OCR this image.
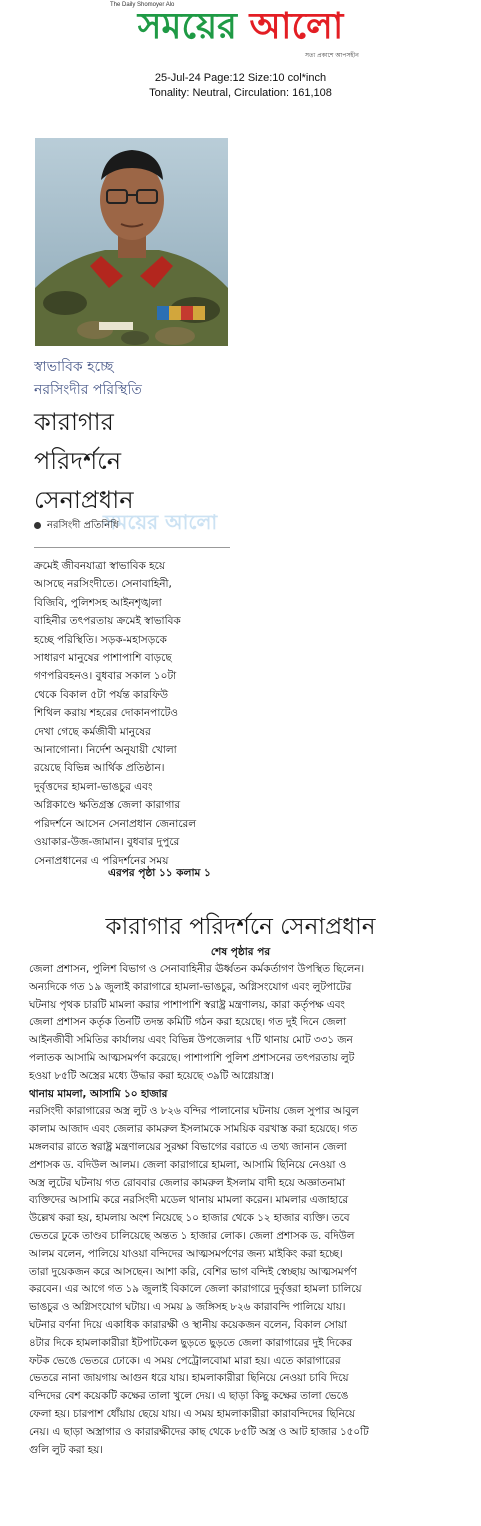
The Daily Shomoyer Alo
সময়ের আলো
সত্য প্রকাশে আপসহীন
25-Jul-24 Page:12 Size:10 col*inch
Tonality: Neutral, Circulation: 161,108
স্বাভাবিক হচ্ছে
নরসিংদীর পরিস্থিতি
কারাগার
পরিদর্শনে
সেনাপ্রধান
সময়ের আলো
নরসিংদী প্রতিনিধি
ক্রমেই জীবনযাত্রা স্বাভাবিক হয়ে
আসছে নরসিংদীতে। সেনাবাহিনী,
বিজিবি, পুলিশসহ আইনশৃঙ্খলা
বাহিনীর তৎপরতায় ক্রমেই স্বাভাবিক
হচ্ছে পরিস্থিতি। সড়ক-মহাসড়কে
সাধারণ মানুষের পাশাপাশি বাড়ছে
গণপরিবহনও। বুধবার সকাল ১০টা
থেকে বিকাল ৫টা পর্যন্ত কারফিউ
শিথিল করায় শহরের দোকানপাটেও
দেখা গেছে কর্মজীবী মানুষের
আনাগোনা। নির্দেশ অনুযায়ী খোলা
রয়েছে বিভিন্ন আর্থিক প্রতিষ্ঠান।
দুর্বৃত্তদের হামলা-ভাঙচুর এবং
অগ্নিকাণ্ডে ক্ষতিগ্রস্ত জেলা কারাগার
পরিদর্শনে আসেন সেনাপ্রধান জেনারেল
ওয়াকার-উজ-জামান। বুধবার দুপুরে
সেনাপ্রধানের এ পরিদর্শনের সময়
এরপর পৃষ্ঠা ১১ কলাম ১
কারাগার পরিদর্শনে সেনাপ্রধান
শেষ পৃষ্ঠার পর
জেলা প্রশাসন, পুলিশ বিভাগ ও সেনাবাহিনীর ঊর্ধ্বতন কর্মকর্তাগণ উপস্থিত ছিলেন।
অন্যদিকে গত ১৯ জুলাই কারাগারে হামলা-ভাঙচুর, অগ্নিসংযোগ এবং লুটপাটের
ঘটনায় পৃথক চারটি মামলা করার পাশাপাশি স্বরাষ্ট্র মন্ত্রণালয়, কারা কর্তৃপক্ষ এবং
জেলা প্রশাসন কর্তৃক তিনটি তদন্ত কমিটি গঠন করা হয়েছে। গত দুই দিনে জেলা
আইনজীবী সমিতির কার্যালয় এবং বিভিন্ন উপজেলার ৭টি থানায় মোট ৩৩১ জন
পলাতক আসামি আত্মসমর্পণ করেছে। পাশাপাশি পুলিশ প্রশাসনের তৎপরতায় লুট
হওয়া ৮৫টি অস্ত্রের মধ্যে উদ্ধার করা হয়েছে ৩৯টি আগ্নেয়াস্ত্র।
থানায় মামলা, আসামি ১০ হাজার
নরসিংদী কারাগারের অস্ত্র লুট ও ৮২৬ বন্দির পালানোর ঘটনায় জেল সুপার আবুল
কালাম আজাদ এবং জেলার কামরুল ইসলামকে সাময়িক বরখাস্ত করা হয়েছে। গত
মঙ্গলবার রাতে স্বরাষ্ট্র মন্ত্রণালয়ের সুরক্ষা বিভাগের বরাতে এ তথ্য জানান জেলা
প্রশাসক ড. বদিউল আলম। জেলা কারাগারে হামলা, আসামি ছিনিয়ে নেওয়া ও
অস্ত্র লুটের ঘটনায় গত রোববার জেলার কামরুল ইসলাম বাদী হয়ে অজ্ঞাতনামা
ব্যক্তিদের আসামি করে নরসিংদী মডেল থানায় মামলা করেন। মামলার এজাহারে
উল্লেখ করা হয়, হামলায় অংশ নিয়েছে ১০ হাজার থেকে ১২ হাজার ব্যক্তি। তবে
ভেতরে ঢুকে তাণ্ডব চালিয়েছে অন্তত ১ হাজার লোক। জেলা প্রশাসক ড. বদিউল
আলম বলেন, পালিয়ে যাওয়া বন্দিদের আত্মসমর্পণের জন্য মাইকিং করা হচ্ছে।
তারা দুয়েকজন করে আসছেন। আশা করি, বেশির ভাগ বন্দিই স্বেচ্ছায় আত্মসমর্পণ
করবেন। এর আগে গত ১৯ জুলাই বিকালে জেলা কারাগারে দুর্বৃত্তরা হামলা চালিয়ে
ভাঙচুর ও অগ্নিসংযোগ ঘটায়। এ সময় ৯ জঙ্গিসহ ৮২৬ কারাবন্দি পালিয়ে যায়।
ঘটনার বর্ণনা দিয়ে একাধিক কারারক্ষী ও স্থানীয় কয়েকজন বলেন, বিকাল সোয়া
৪টার দিকে হামলাকারীরা ইটপাটকেল ছুড়তে ছুড়তে জেলা কারাগারের দুই দিকের
ফটক ভেঙে ভেতরে ঢোকে। এ সময় পেট্রোলবোমা মারা হয়। এতে কারাগারের
ভেতরে নানা জায়গায় আগুন ধরে যায়। হামলাকারীরা ছিনিয়ে নেওয়া চাবি দিয়ে
বন্দিদের বেশ কয়েকটি কক্ষের তালা খুলে দেয়। এ ছাড়া কিছু কক্ষের তালা ভেঙে
ফেলা হয়। চারপাশ ধোঁয়ায় ছেয়ে যায়। এ সময় হামলাকারীরা কারাবন্দিদের ছিনিয়ে
নেয়। এ ছাড়া অস্ত্রাগার ও কারারক্ষীদের কাছ থেকে ৮৫টি অস্ত্র ও আট হাজার ১৫০টি
গুলি লুট করা হয়।
